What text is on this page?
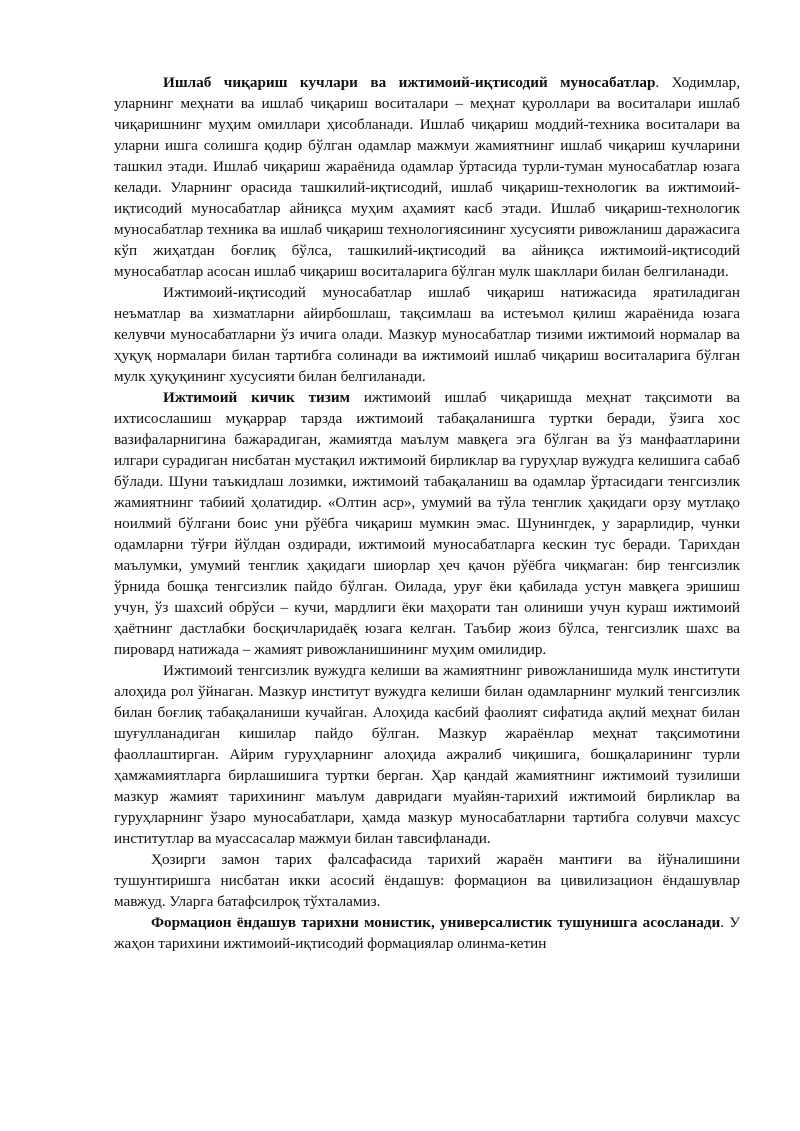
Ишлаб чиқариш кучлари ва ижтимоий-иқтисодий муносабатлар. Ходимлар, уларнинг меҳнати ва ишлаб чиқариш воситалари – меҳнат қуроллари ва воситалари ишлаб чиқаришнинг муҳим омиллари ҳисобланади. Ишлаб чиқариш моддий-техника воситалари ва уларни ишга солишга қодир бўлган одамлар мажмуи жамиятнинг ишлаб чиқариш кучларини ташкил этади. Ишлаб чиқариш жараёнида одамлар ўртасида турли-туман муносабатлар юзага келади. Уларнинг орасида ташкилий-иқтисодий, ишлаб чиқариш-технологик ва ижтимоий-иқтисодий муносабатлар айниқса муҳим аҳамият касб этади. Ишлаб чиқариш-технологик муносабатлар техника ва ишлаб чиқариш технологиясининг хусусияти ривожланиш даражасига кўп жиҳатдан боғлиқ бўлса, ташкилий-иқтисодий ва айниқса ижтимоий-иқтисодий муносабатлар асосан ишлаб чиқариш воситаларига бўлган мулк шакллари билан белгиланади.

Ижтимоий-иқтисодий муносабатлар ишлаб чиқариш натижасида яратиладиган неъматлар ва хизматларни айирбошлаш, тақсимлаш ва истеъмол қилиш жараёнида юзага келувчи муносабатларни ўз ичига олади. Мазкур муносабатлар тизими ижтимоий нормалар ва ҳуқуқ нормалари билан тартибга солинади ва ижтимоий ишлаб чиқариш воситаларига бўлган мулк ҳуқуқининг хусусияти билан белгиланади.

Ижтимоий кичик тизим ижтимоий ишлаб чиқаришда меҳнат тақсимоти ва ихтисослашиш муқаррар тарзда ижтимоий табақаланишга туртки беради, ўзига хос вазифаларнигина бажарадиган, жамиятда маълум мавқега эга бўлган ва ўз манфаатларини илгари сурадиган нисбатан мустақил ижтимоий бирликлар ва гуруҳлар вужудга келишига сабаб бўлади. Шуни таъкидлаш лозимки, ижтимоий табақаланиш ва одамлар ўртасидаги тенгсизлик жамиятнинг табиий ҳолатидир. «Олтин аср», умумий ва тўла тенглик ҳақидаги орзу мутлақо ноилмий бўлгани боис уни рўёбга чиқариш мумкин эмас. Шунингдек, у зарарлидир, чунки одамларни тўғри йўлдан оздиради, ижтимоий муносабатларга кескин тус беради. Тарихдан маълумки, умумий тенглик ҳақидаги шиорлар ҳеч қачон рўёбга чиқмаган: бир тенгсизлик ўрнида бошқа тенгсизлик пайдо бўлган. Оилада, уруғ ёки қабилада устун мавқега эришиш учун, ўз шахсий обрўси – кучи, мардлиги ёки маҳорати тан олиниши учун кураш ижтимоий ҳаётнинг дастлабки босқичларидаёқ юзага келган. Таъбир жоиз бўлса, тенгсизлик шахс ва пировард натижада – жамият ривожланишининг муҳим омилидир.

Ижтимоий тенгсизлик вужудга келиши ва жамиятнинг ривожланишида мулк институти алоҳида рол ўйнаган. Мазкур институт вужудга келиши билан одамларнинг мулкий тенгсизлик билан боғлиқ табақаланиши кучайган. Алоҳида касбий фаолият сифатида ақлий меҳнат билан шуғулланадиган кишилар пайдо бўлган. Мазкур жараёнлар меҳнат тақсимотини фаоллаштирган. Айрим гуруҳларнинг алоҳида ажралиб чиқишига, бошқаларининг турли ҳамжамиятларга бирлашишига туртки берган. Ҳар қандай жамиятнинг ижтимоий тузилиши мазкур жамият тарихининг маълум давридаги муайян-тарихий ижтимоий бирликлар ва гуруҳларнинг ўзаро муносабатлари, ҳамда мазкур муносабатларни тартибга солувчи махсус институтлар ва муассасалар мажмуи билан тавсифланади.

Ҳозирги замон тарих фалсафасида тарихий жараён мантиғи ва йўналишини тушунтиришга нисбатан икки асосий ёндашув: формацион ва цивилизацион ёндашувлар мавжуд. Уларга батафсилроқ тўхталамиз.

Формацион ёндашув тарихни монистик, универсалистик тушунишга асосланади. У жаҳон тарихини ижтимоий-иқтисодий формациялар олинма-кетин
